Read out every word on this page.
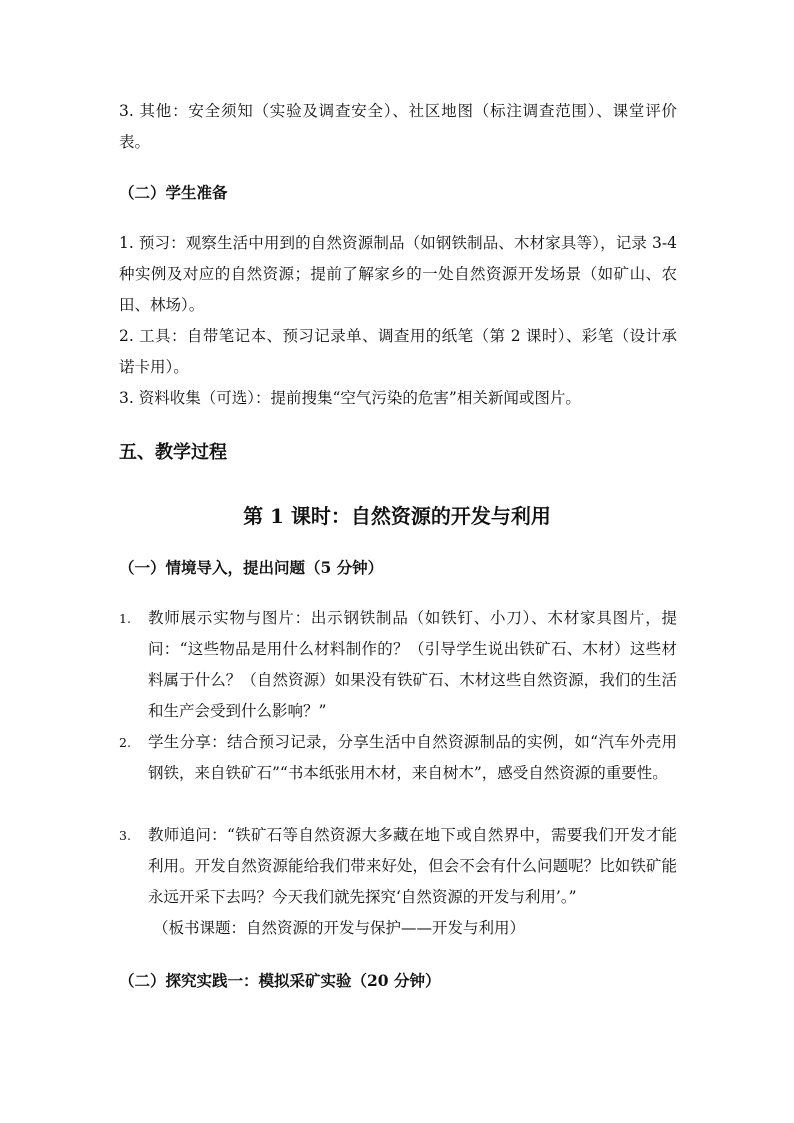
3. 其他：安全须知（实验及调查安全）、社区地图（标注调查范围）、课堂评价表。

（二）学生准备

1. 预习：观察生活中用到的自然资源制品（如钢铁制品、木材家具等），记录 3-4 种实例及对应的自然资源；提前了解家乡的一处自然资源开发场景（如矿山、农田、林场）。

2. 工具：自带笔记本、预习记录单、调查用的纸笔（第 2 课时）、彩笔（设计承诺卡用）。

3. 资料收集（可选）：提前搜集“空气污染的危害”相关新闻或图片。

五、教学过程
第 1 课时：自然资源的开发与利用
（一）情境导入，提出问题（5 分钟）
1.	教师展示实物与图片：出示钢铁制品（如铁钉、小刀）、木材家具图片，提问：“这些物品是用什么材料制作的？（引导学生说出铁矿石、木材）这些材料属于什么？（自然资源）如果没有铁矿石、木材这些自然资源，我们的生活和生产会受到什么影响？”
2.	学生分享：结合预习记录，分享生活中自然资源制品的实例，如“汽车外壳用钢铁，来自铁矿石”“书本纸张用木材，来自树木”，感受自然资源的重要性。
3.	教师追问：“铁矿石等自然资源大多藏在地下或自然界中，需要我们开发才能利用。开发自然资源能给我们带来好处，但会不会有什么问题呢？比如铁矿能永远开采下去吗？今天我们就先探究‘自然资源的开发与利用’。”

（板书课题：自然资源的开发与保护——开发与利用）

（二）探究实践一：模拟采矿实验（20 分钟）
